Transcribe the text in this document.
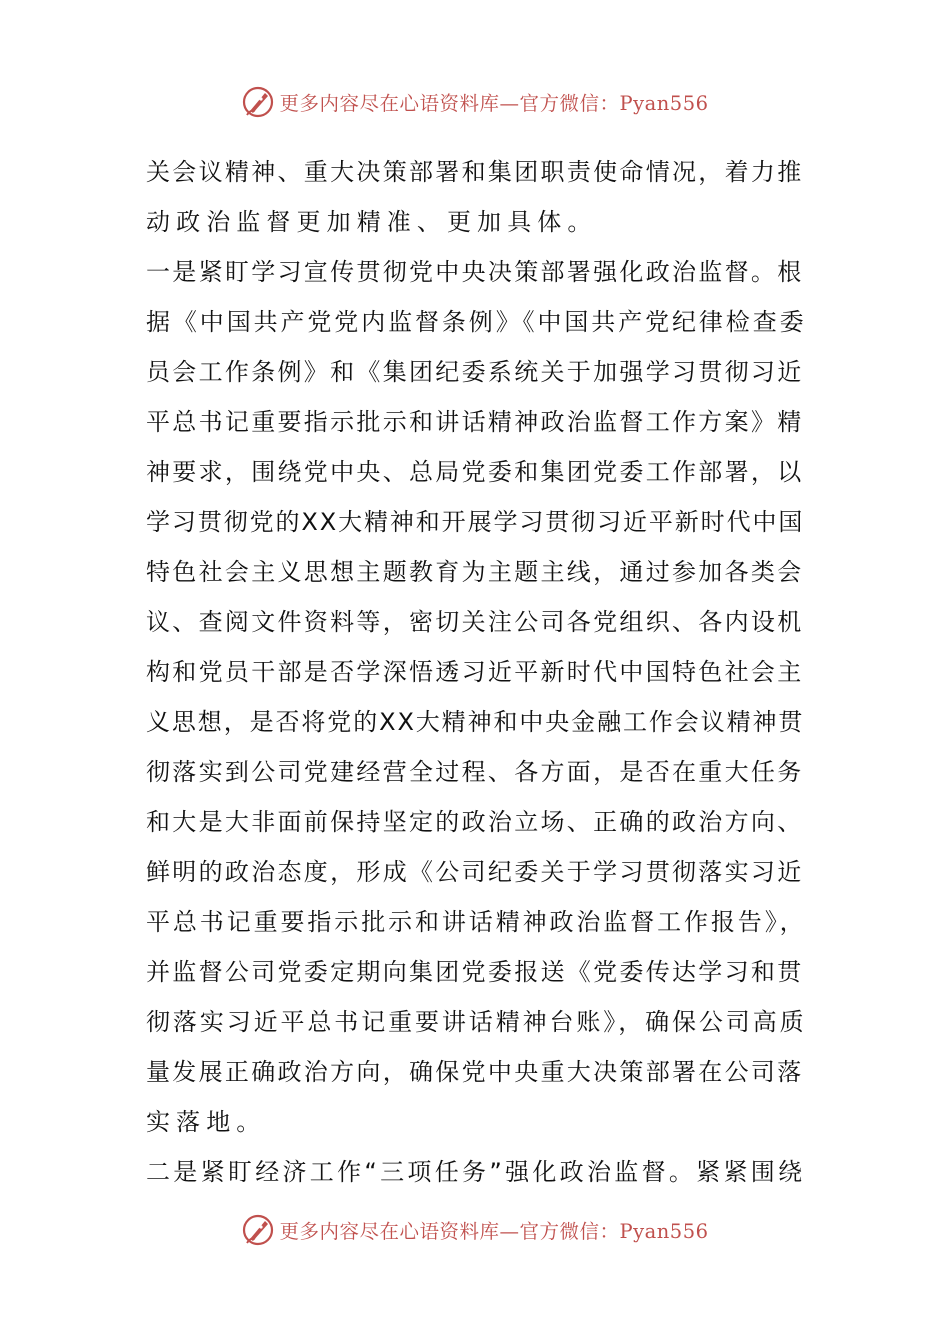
更多内容尽在心语资料库—官方微信：Pyan556
关会议精神、重大决策部署和集团职责使命情况，着力推
动政治监督更加精准、更加具体。
一是紧盯学习宣传贯彻党中央决策部署强化政治监督。根
据《中国共产党党内监督条例》《中国共产党纪律检查委
员会工作条例》和《集团纪委系统关于加强学习贯彻习近
平总书记重要指示批示和讲话精神政治监督工作方案》精
神要求，围绕党中央、总局党委和集团党委工作部署，以
学习贯彻党的XX大精神和开展学习贯彻习近平新时代中国
特色社会主义思想主题教育为主题主线，通过参加各类会
议、查阅文件资料等，密切关注公司各党组织、各内设机
构和党员干部是否学深悟透习近平新时代中国特色社会主
义思想，是否将党的XX大精神和中央金融工作会议精神贯
彻落实到公司党建经营全过程、各方面，是否在重大任务
和大是大非面前保持坚定的政治立场、正确的政治方向、
鲜明的政治态度，形成《公司纪委关于学习贯彻落实习近
平总书记重要指示批示和讲话精神政治监督工作报告》，
并监督公司党委定期向集团党委报送《党委传达学习和贯
彻落实习近平总书记重要讲话精神台账》，确保公司高质
量发展正确政治方向，确保党中央重大决策部署在公司落
实落地。
二是紧盯经济工作“三项任务”强化政治监督。紧紧围绕
更多内容尽在心语资料库—官方微信：Pyan556
